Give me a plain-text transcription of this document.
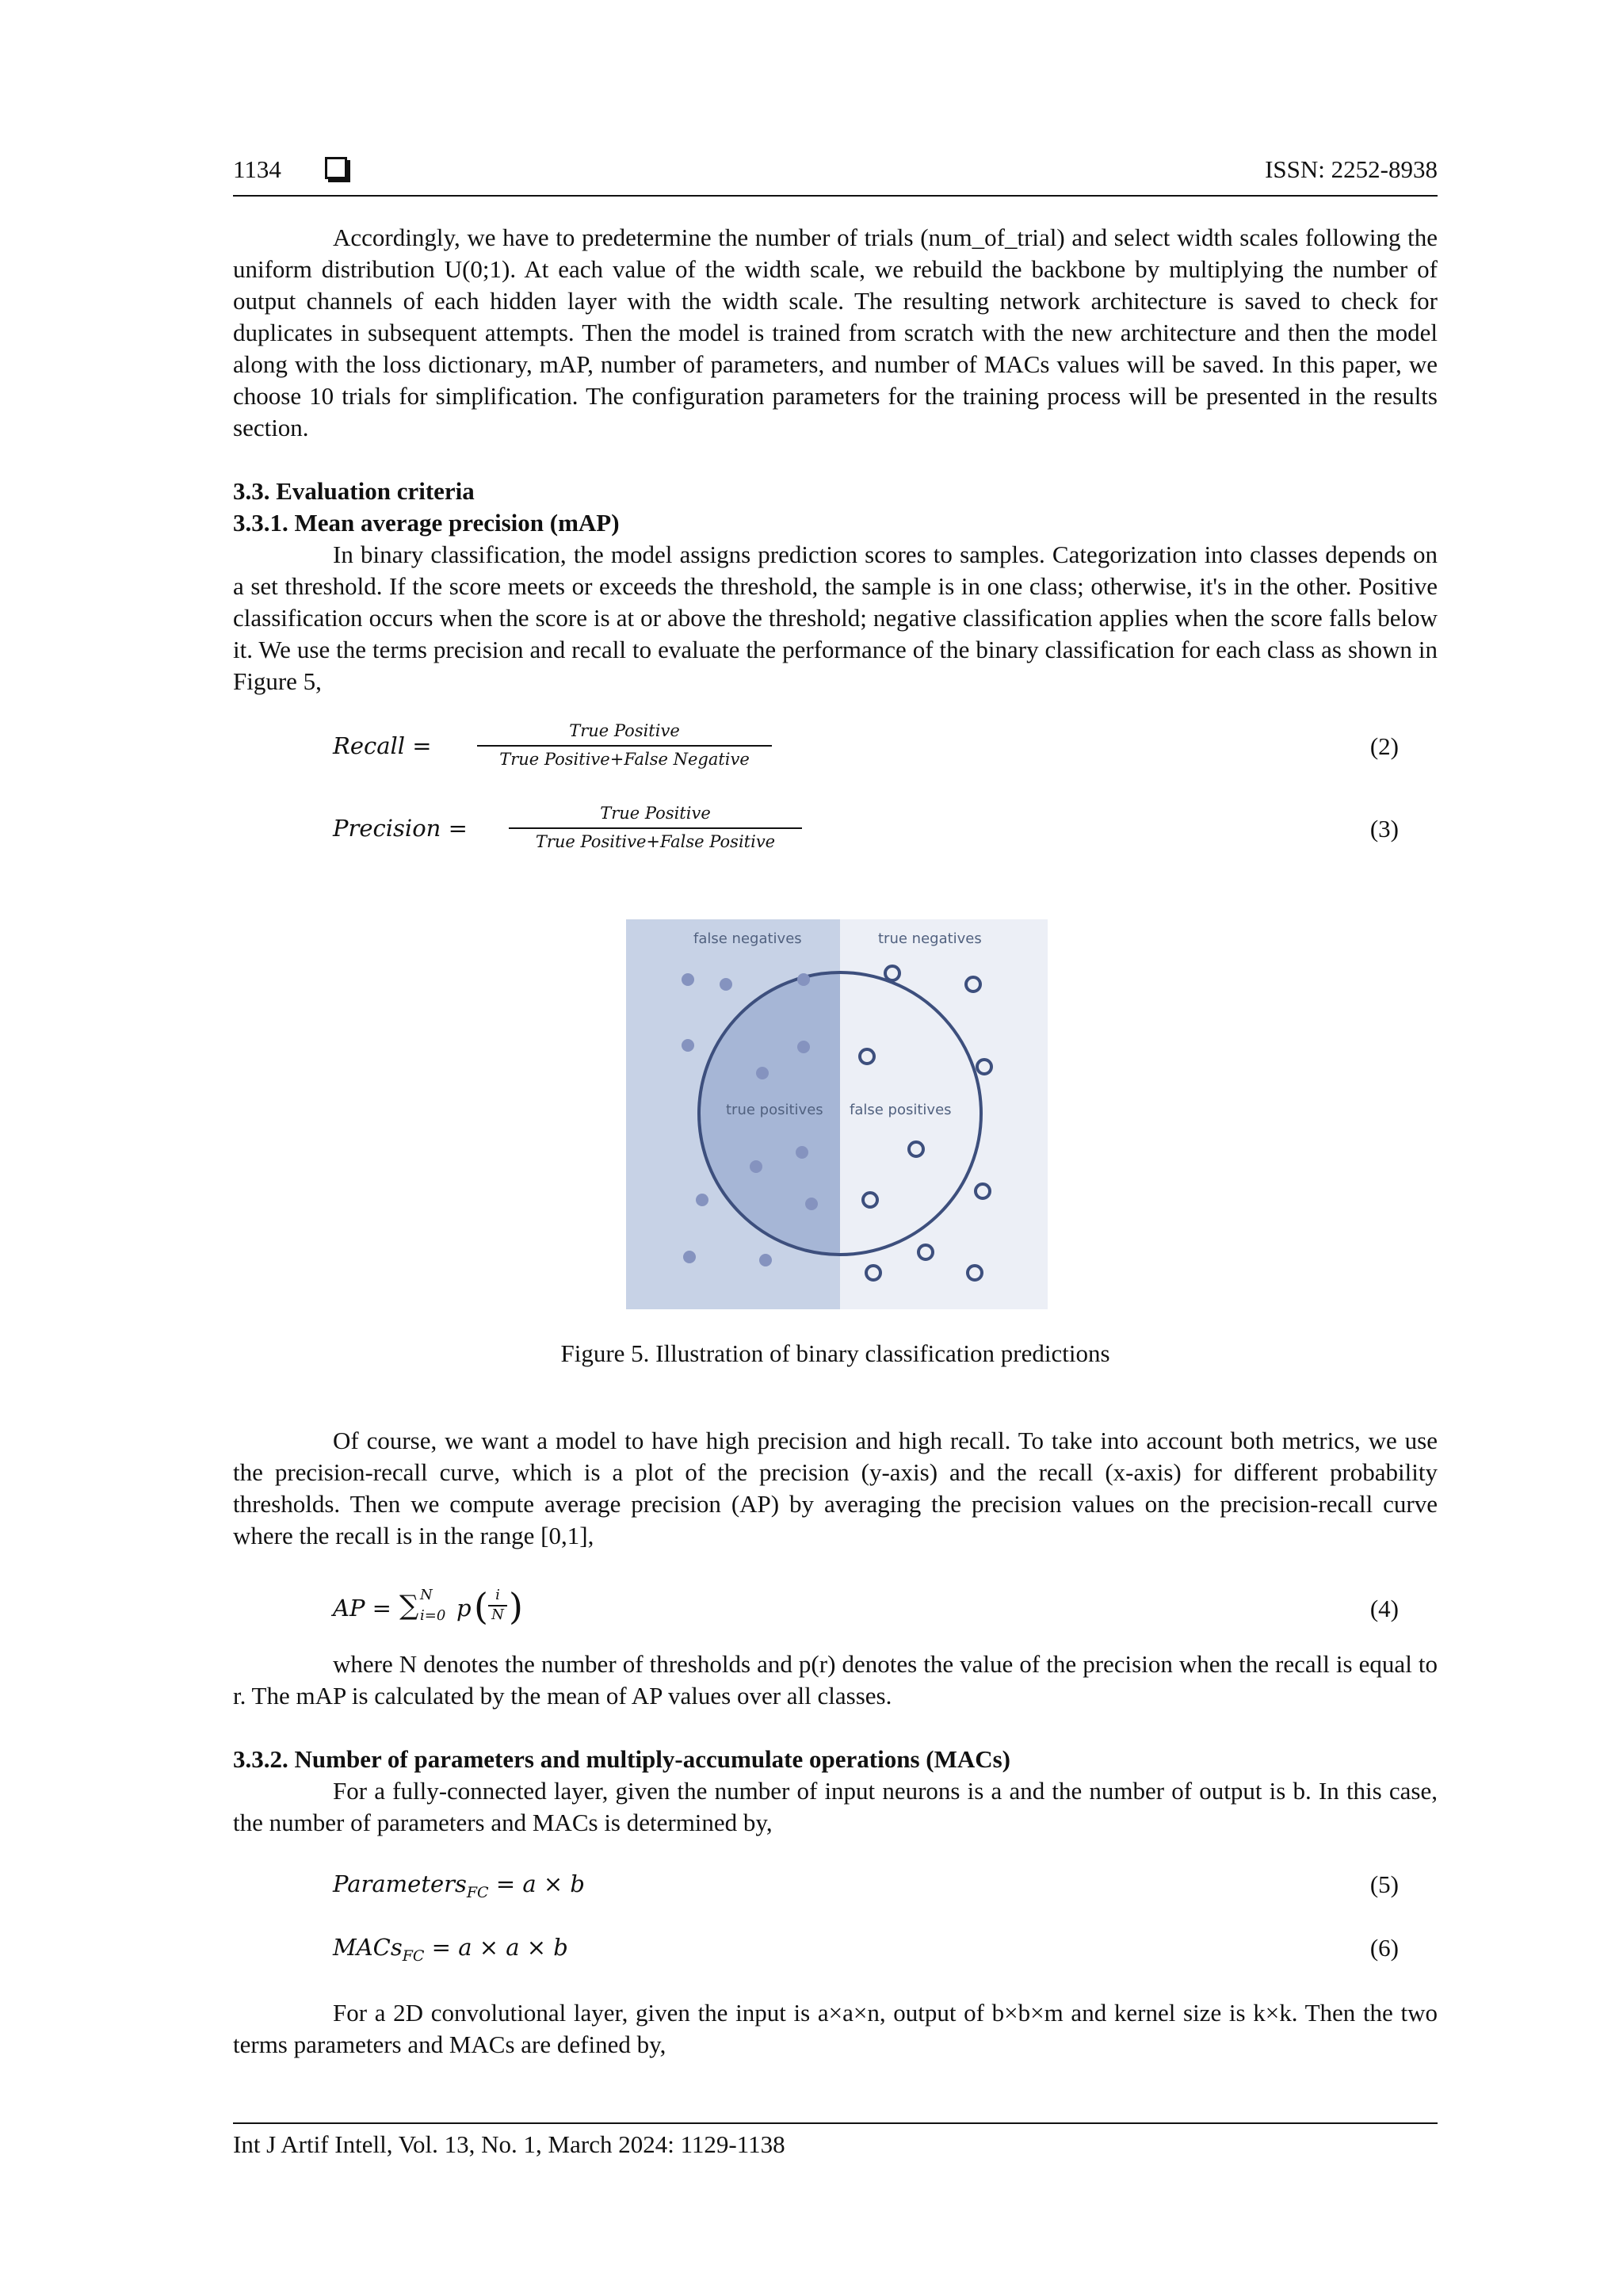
1134	ISSN: 2252-8938

Accordingly, we have to predetermine the number of trials (num_of_trial) and select width scales following the uniform distribution U(0;1). At each value of the width scale, we rebuild the backbone by multiplying the number of output channels of each hidden layer with the width scale. The resulting network architecture is saved to check for duplicates in subsequent attempts. Then the model is trained from scratch with the new architecture and then the model along with the loss dictionary, mAP, number of parameters, and number of MACs values will be saved. In this paper, we choose 10 trials for simplification. The configuration parameters for the training process will be presented in the results section.

3.3. Evaluation criteria

3.3.1. Mean average precision (mAP)

In binary classification, the model assigns prediction scores to samples. Categorization into classes depends on a set threshold. If the score meets or exceeds the threshold, the sample is in one class; otherwise, it's in the other. Positive classification occurs when the score is at or above the threshold; negative classification applies when the score falls below it. We use the terms precision and recall to evaluate the performance of the binary classification for each class as shown in Figure 5,

Recall =
True Positive
True Positive+False Negative	(2)
Precision =
True Positive
True Positive+False Positive	(3)
false negatives	true negatives
true positives false positives
Figure 5. Illustration of binary classification predictions

Of course, we want a model to have high precision and high recall. To take into account both metrics, we use the precision-recall curve, which is a plot of the precision (y-axis) and the recall (x-axis) for different probability thresholds. Then we compute average precision (AP) by averaging the precision values on the precision-recall curve where the recall is in the range [0,1],

AP = ∑ N
i=0 p ( i
N )	(4)

where N denotes the number of thresholds and p(r) denotes the value of the precision when the recall is equal to r. The mAP is calculated by the mean of AP values over all classes.

3.3.2. Number of parameters and multiply-accumulate operations (MACs)

For a fully-connected layer, given the number of input neurons is a and the number of output is b. In this case, the number of parameters and MACs is determined by,

Parameters$_{FC}$ = a × b	(5)
MACs$_{FC}$ = a × a × b	(6)

For a 2D convolutional layer, given the input is a×a×n, output of b×b×m and kernel size is k×k. Then the two terms parameters and MACs are defined by,

Int J Artif Intell, Vol. 13, No. 1, March 2024: 1129-1138
